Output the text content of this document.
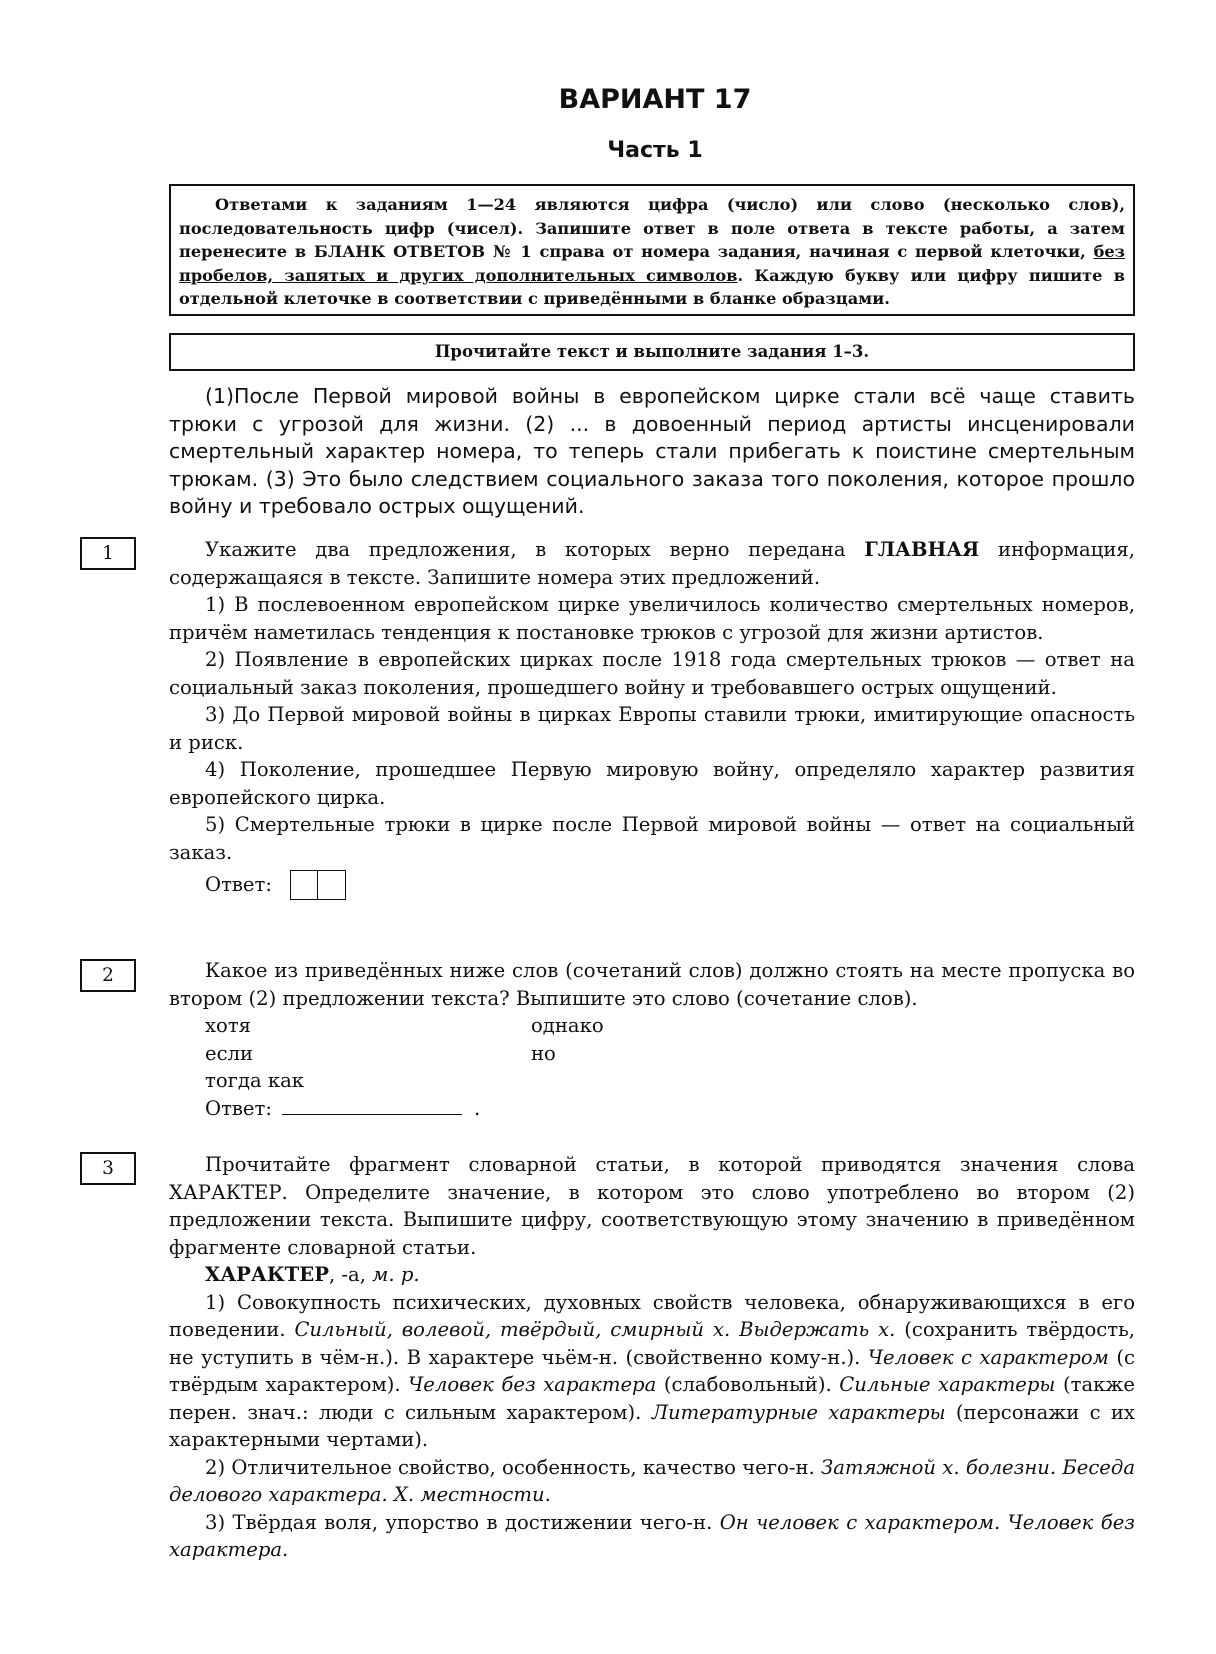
ВАРИАНТ 17
Часть 1

Ответами к заданиям 1—24 являются цифра (число) или слово (несколько слов), последовательность цифр (чисел). Запишите ответ в поле ответа в тексте работы, а затем перенесите в БЛАНК ОТВЕТОВ № 1 справа от номера задания, начиная с первой клеточки, без пробелов, запятых и других дополнительных символов. Каждую букву или цифру пишите в отдельной клеточке в соответствии с приведёнными в бланке образцами.

Прочитайте текст и выполните задания 1–3.

(1)После Первой мировой войны в европейском цирке стали всё чаще ставить трюки с угрозой для жизни. (2) ... в довоенный период артисты инсценировали смертельный характер номера, то теперь стали прибегать к поистине смертельным трюкам. (3) Это было следствием социального заказа того поколения, которое прошло войну и требовало острых ощущений.

1	Укажите два предложения, в которых верно передана ГЛАВНАЯ информация, содержащаяся в тексте. Запишите номера этих предложений.

1) В послевоенном европейском цирке увеличилось количество смертельных номеров, причём наметилась тенденция к постановке трюков с угрозой для жизни артистов.

2) Появление в европейских цирках после 1918 года смертельных трюков — ответ на социальный заказ поколения, прошедшего войну и требовавшего острых ощущений.

3) До Первой мировой войны в цирках Европы ставили трюки, имитирующие опасность и риск.

4) Поколение, прошедшее Первую мировую войну, определяло характер развития европейского цирка.

5) Смертельные трюки в цирке после Первой мировой войны — ответ на социальный заказ.

Ответ:
2	Какое из приведённых ниже слов (сочетаний слов) должно стоять на месте пропуска во втором (2) предложении текста? Выпишите это слово (сочетание слов).

хотя	однако
если	но
тогда как

Ответ:	.

3	Прочитайте фрагмент словарной статьи, в которой приводятся значения слова ХАРАКТЕР. Определите значение, в котором это слово употреблено во втором (2) предложении текста. Выпишите цифру, соответствующую этому значению в приведённом фрагменте словарной статьи.

ХАРАКТЕР, -а, м. р.

1) Совокупность психических, духовных свойств человека, обнаруживающихся в его поведении. Сильный, волевой, твёрдый, смирный х. Выдержать х. (сохранить твёрдость, не уступить в чём-н.). В характере чьём-н. (свойственно кому-н.). Человек с характером (с твёрдым характером). Человек без характера (слабовольный). Сильные характеры (также перен. знач.: люди с сильным характером). Литературные характеры (персонажи с их характерными чертами).

2) Отличительное свойство, особенность, качество чего-н. Затяжной х. болезни. Беседа делового характера. Х. местности.

3) Твёрдая воля, упорство в достижении чего-н. Он человек с характером. Человек без характера.
